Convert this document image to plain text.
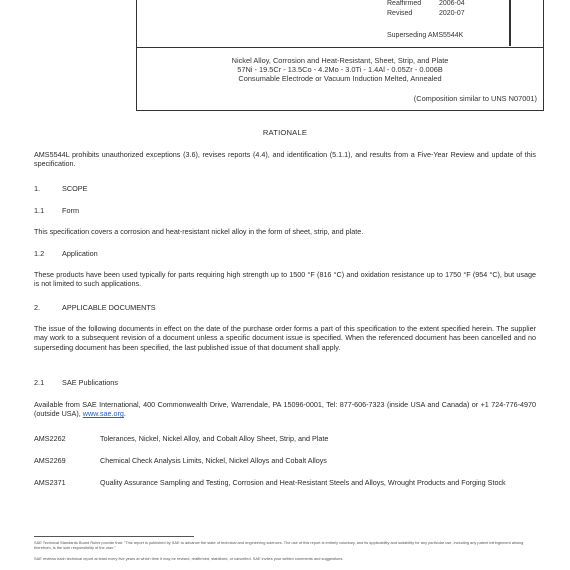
Reaffirmed	2006-04
Revised	2020-07
Superseding AMS5544K
Nickel Alloy, Corrosion and Heat-Resistant, Sheet, Strip, and Plate
57Ni - 19.5Cr - 13.5Co - 4.2Mo - 3.0Ti - 1.4Al - 0.05Zr - 0.006B
Consumable Electrode or Vacuum Induction Melted, Annealed
(Composition similar to UNS N07001)
RATIONALE
AMS5544L prohibits unauthorized exceptions (3.6), revises reports (4.4), and identification (5.1.1), and results from a Five-Year Review and update of this specification.
1.	SCOPE
1.1 Form
This specification covers a corrosion and heat-resistant nickel alloy in the form of sheet, strip, and plate.
1.2 Application
These products have been used typically for parts requiring high strength up to 1500 °F (816 °C) and oxidation resistance up to 1750 °F (954 °C), but usage is not limited to such applications.
2.	APPLICABLE DOCUMENTS
The issue of the following documents in effect on the date of the purchase order forms a part of this specification to the extent specified herein. The supplier may work to a subsequent revision of a document unless a specific document issue is specified. When the referenced document has been cancelled and no superseding document has been specified, the last published issue of that document shall apply.
2.1 SAE Publications
Available from SAE International, 400 Commonwealth Drive, Warrendale, PA 15096-0001, Tel: 877-606-7323 (inside USA and Canada) or +1 724-776-4970 (outside USA), www.sae.org.
AMS2262	Tolerances, Nickel, Nickel Alloy, and Cobalt Alloy Sheet, Strip, and Plate
AMS2269	Chemical Check Analysis Limits, Nickel, Nickel Alloys and Cobalt Alloys
AMS2371	Quality Assurance Sampling and Testing, Corrosion and Heat-Resistant Steels and Alloys, Wrought Products and Forging Stock
SAE Technical Standards Board Rules provide that: "This report is published by SAE to advance the state of technical and engineering sciences. The use of this report is entirely voluntary, and its applicability and suitability for any particular use, including any patent infringement arising therefrom, is the sole responsibility of the user."
SAE reviews each technical report at least every five years at which time it may be revised, reaffirmed, stabilized, or cancelled. SAE invites your written comments and suggestions.
